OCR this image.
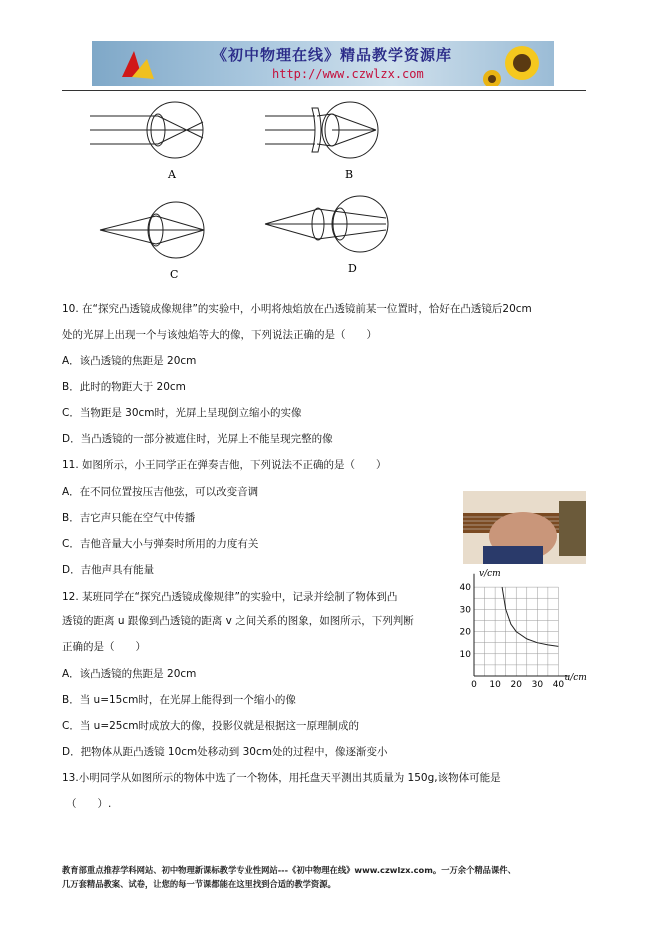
《初中物理在线》精品教学资源库
http://www.czwlzx.com
A	B
C	D
10. 在“探究凸透镜成像规律”的实验中，小明将烛焰放在凸透镜前某一位置时，恰好在凸透镜后20cm
处的光屏上出现一个与该烛焰等大的像，下列说法正确的是（　　）
A．该凸透镜的焦距是 20cm
B．此时的物距大于 20cm
C．当物距是 30cm时，光屏上呈现倒立缩小的实像
D．当凸透镜的一部分被遮住时，光屏上不能呈现完整的像
11. 如图所示，小王同学正在弹奏吉他，下列说法不正确的是（　　）
A．在不同位置按压吉他弦，可以改变音调
B．吉它声只能在空气中传播
C．吉他音量大小与弹奏时所用的力度有关
D．吉他声具有能量
12. 某班同学在“探究凸透镜成像规律”的实验中，记录并绘制了物体到凸
透镜的距离 u 跟像到凸透镜的距离 v 之间关系的图象，如图所示，下列判断
正确的是（　　）
A．该凸透镜的焦距是 20cm
B．当 u=15cm时，在光屏上能得到一个缩小的像
C．当 u=25cm时成放大的像，投影仪就是根据这一原理制成的
D．把物体从距凸透镜 10cm处移动到 30cm处的过程中，像逐渐变小
0 10 20 30 40
10
20
30
40
v/cm
u/cm
13.小明同学从如图所示的物体中选了一个物体，用托盘天平测出其质量为 150g,该物体可能是
（　　）.
教育部重点推荐学科网站、初中物理新课标教学专业性网站---《初中物理在线》www.czwlzx.com。一万余个精品课件、
几万套精品教案、试卷，让您的每一节课都能在这里找到合适的教学资源。
